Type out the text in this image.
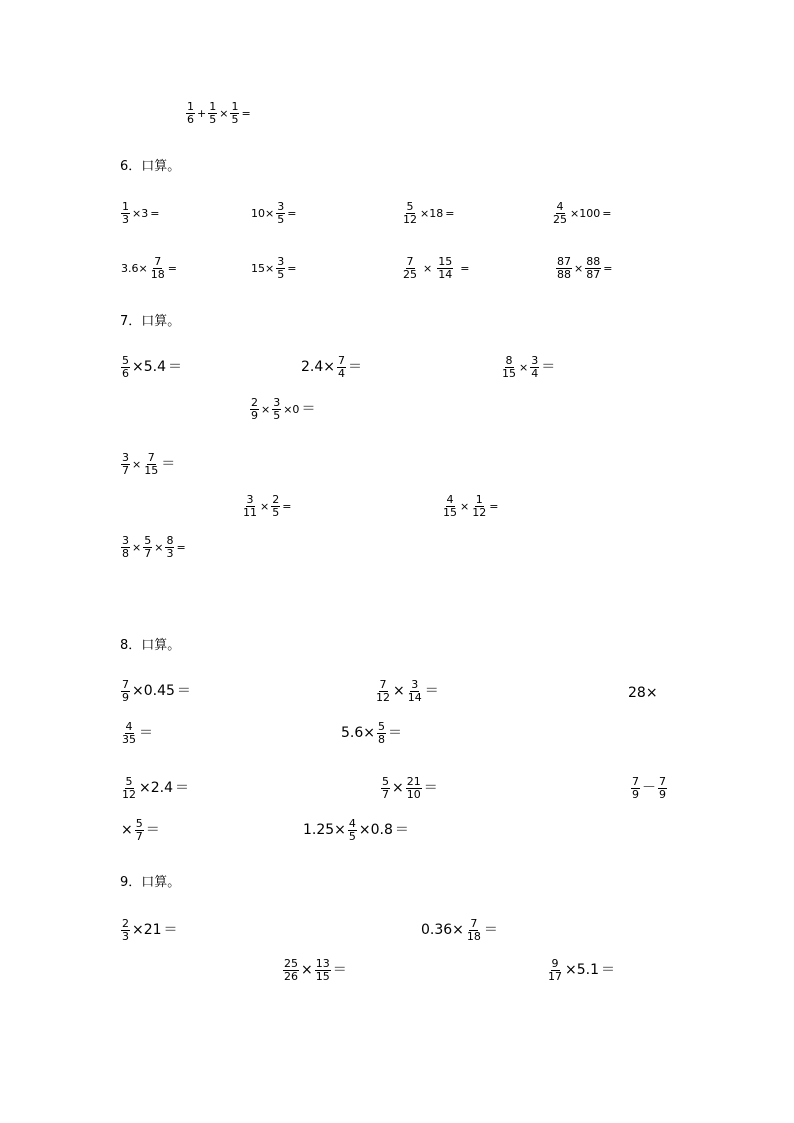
$\frac{1}{6} + \frac{1}{5} \times \frac{1}{5}$ =
6．口算。
$\frac{1}{3} \times 3$ =	$10\times \frac{3}{5}$ =	$\frac{5}{12} \times 18$ =	$\frac{4}{25} \times 100$ =
$3.6\times \frac{7}{18}$ =	$15\times \frac{3}{5}$ =	$\frac{7}{25} \times \frac{15}{14}$ =	$\frac{87}{88} \times \frac{88}{87}$ =
7．口算。
$\frac{5}{6} \times 5.4$ ＝	$2.4\times \frac{7}{4}$ ＝	$\frac{8}{15} \times \frac{3}{4}$ ＝
$\frac{2}{9} \times \frac{3}{5} \times 0$ ＝
$\frac{3}{7} \times \frac{7}{15}$ ＝
$\frac{3}{11} \times \frac{2}{5}$ =	$\frac{4}{15} \times \frac{1}{12}$ =
$\frac{3}{8} \times \frac{5}{7} \times \frac{8}{3}$ =
8．口算。
$\frac{7}{9} \times 0.45$ ＝	$\frac{7}{12} \times \frac{3}{14}$ ＝	28×
$\frac{4}{35}$ ＝	$5.6\times \frac{5}{8}$ ＝
$\frac{5}{12} \times 2.4$ ＝	$\frac{5}{7} \times \frac{21}{10}$ ＝	$\frac{7}{9} - \frac{7}{9}$
× $\frac{5}{7}$ ＝	$1.25\times \frac{4}{5} \times 0.8$ ＝
9．口算。
$\frac{2}{3} \times 21$ ＝	$0.36\times \frac{7}{18}$ ＝
$\frac{25}{26} \times \frac{13}{15}$ ＝	$\frac{9}{17} \times 5.1$ ＝
